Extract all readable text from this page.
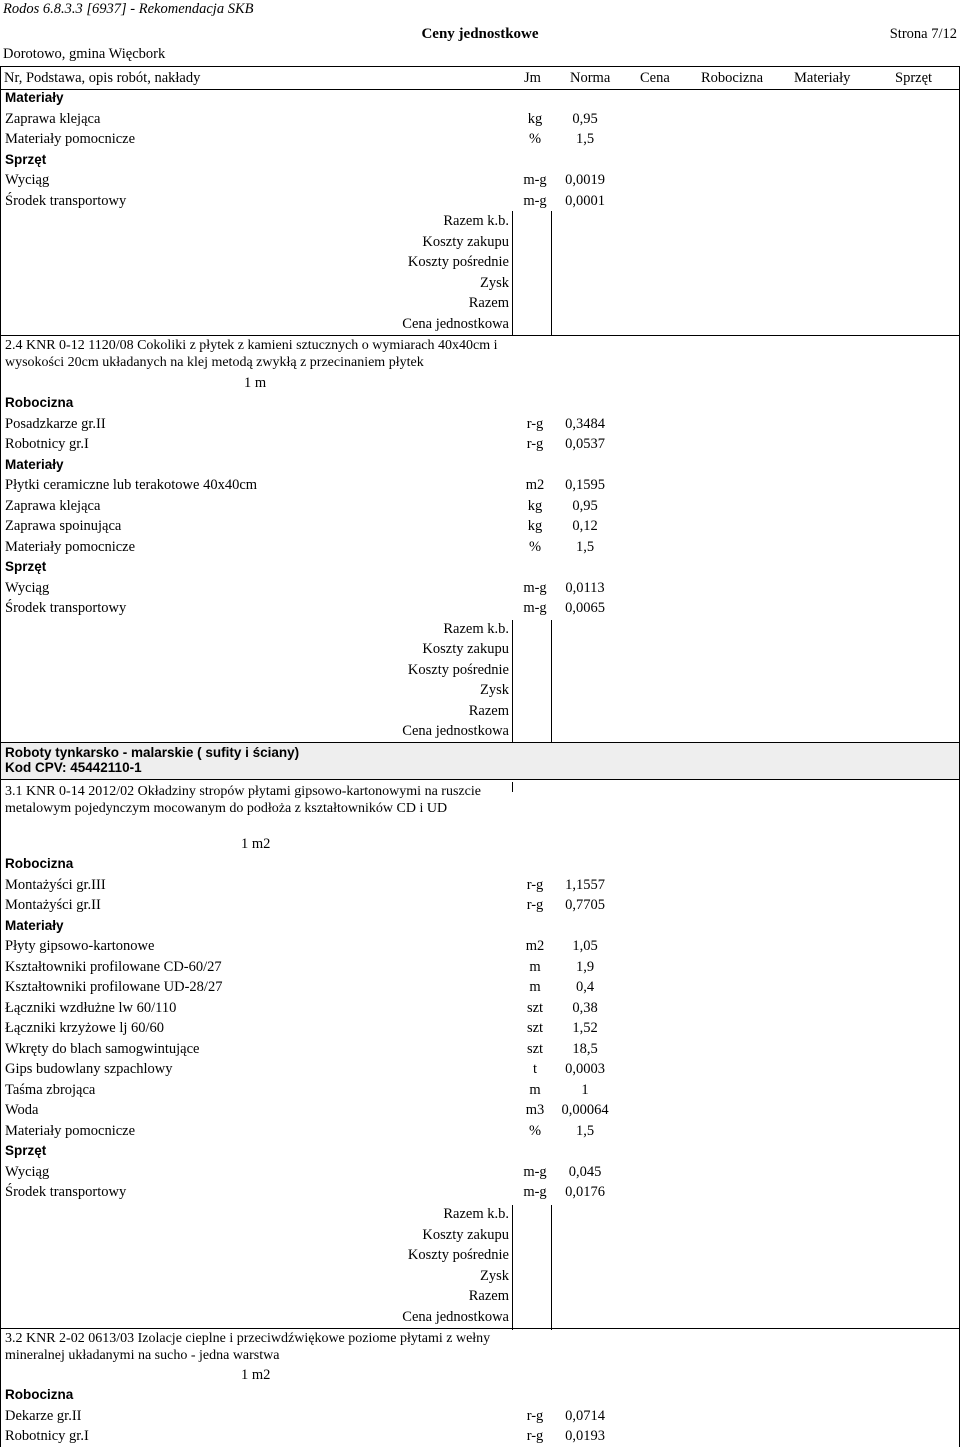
Rodos 6.8.3.3 [6937] - Rekomendacja SKB
Ceny jednostkowe	Strona 7/12
Dorotowo, gmina Więcbork
Nr, Podstawa, opis robót, nakłady	Jm Norma Cena Robocizna Materiały	Sprzęt
Materiały
Zaprawa klejąca	kg	0,95
Materiały pomocnicze	%	1,5
Sprzęt
Wyciąg	m-g	0,0019
Środek transportowy	m-g	0,0001
Razem k.b.
Koszty zakupu
Koszty pośrednie
Zysk
Razem
Cena jednostkowa
2.4 KNR 0-12 1120/08 Cokoliki z płytek z kamieni sztucznych o wymiarach 40x40cm i wysokości 20cm układanych na klej metodą zwykłą z przecinaniem płytek
1 m
Robocizna
Posadzkarze gr.II	r-g	0,3484
Robotnicy gr.I	r-g	0,0537
Materiały
Płytki ceramiczne lub terakotowe 40x40cm	m2	0,1595
Zaprawa klejąca	kg	0,95
Zaprawa spoinująca	kg	0,12
Materiały pomocnicze	%	1,5
Sprzęt
Wyciąg	m-g	0,0113
Środek transportowy	m-g	0,0065
Razem k.b.
Koszty zakupu
Koszty pośrednie
Zysk
Razem
Cena jednostkowa
Roboty tynkarsko - malarskie ( sufity i ściany)
Kod CPV: 45442110-1
3.1 KNR 0-14 2012/02 Okładziny stropów płytami gipsowo-kartonowymi na ruszcie metalowym pojedynczym mocowanym do podłoża z kształtowników CD i UD
1 m2
Robocizna
Montażyści gr.III	r-g	1,1557
Montażyści gr.II	r-g	0,7705
Materiały
Płyty gipsowo-kartonowe	m2	1,05
Kształtowniki profilowane CD-60/27	m	1,9
Kształtowniki profilowane UD-28/27	m	0,4
Łączniki wzdłużne lw 60/110	szt	0,38
Łączniki krzyżowe lj 60/60	szt	1,52
Wkręty do blach samogwintujące	szt	18,5
Gips budowlany szpachlowy	t	0,0003
Taśma zbrojąca	m	1
Woda	m3	0,00064
Materiały pomocnicze	%	1,5
Sprzęt
Wyciąg	m-g	0,045
Środek transportowy	m-g	0,0176
Razem k.b.
Koszty zakupu
Koszty pośrednie
Zysk
Razem
Cena jednostkowa
3.2 KNR 2-02 0613/03 Izolacje cieplne i przeciwdźwiękowe poziome płytami z wełny mineralnej układanymi na sucho - jedna warstwa
1 m2
Robocizna
Dekarze gr.II	r-g	0,0714
Robotnicy gr.I	r-g	0,0193
